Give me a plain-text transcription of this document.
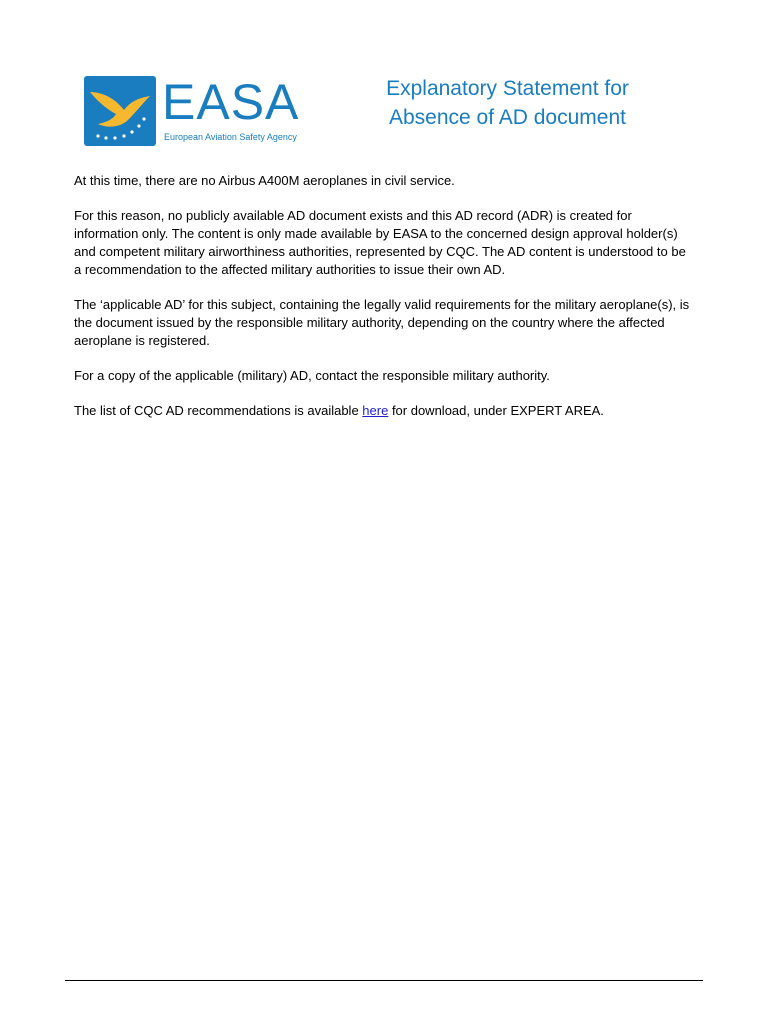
EASA
European Aviation Safety Agency
Explanatory Statement for
Absence of AD document

At this time, there are no Airbus A400M aeroplanes in civil service.

For this reason, no publicly available AD document exists and this AD record (ADR) is created for information only. The content is only made available by EASA to the concerned design approval holder(s) and competent military airworthiness authorities, represented by CQC. The AD content is understood to be a recommendation to the affected military authorities to issue their own AD.

The ‘applicable AD’ for this subject, containing the legally valid requirements for the military aeroplane(s), is the document issued by the responsible military authority, depending on the country where the affected aeroplane is registered.

For a copy of the applicable (military) AD, contact the responsible military authority.

The list of CQC AD recommendations is available here for download, under EXPERT AREA.
